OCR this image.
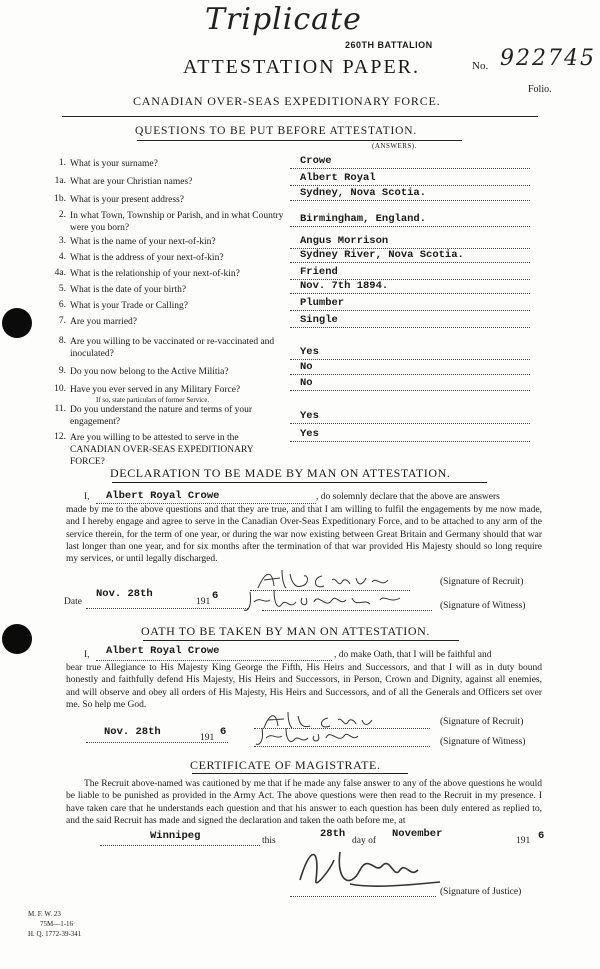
Triplicate
260TH BATTALION
ATTESTATION PAPER.	No. 922745
Folio.
CANADIAN OVER-SEAS EXPEDITIONARY FORCE.
QUESTIONS TO BE PUT BEFORE ATTESTATION.
(ANSWERS).
1. What is your surname?	Crowe
1a. What are your Christian names?	Albert Royal
1b. What is your present address?
Sydney, Nova Scotia.
2. In what Town, Township or Parish, and in what Country were you born?
Birmingham, England.
3. What is the name of your next-of-kin?	Angus Morrison
4. What is the address of your next-of-kin?	Sydney River, Nova Scotia.
4a. What is the relationship of your next-of-kin?	Friend
5. What is the date of your birth?	Nov. 7th 1894.
6. What is your Trade or Calling?	Plumber
7. Are you married?	Single
8. Are you willing to be vaccinated or re-vaccinated and inoculated?	Yes
9. Do you now belong to the Active Militia?	No
10. Have you ever served in any Military Force?
If so, state particulars of former Service.
No
11. Do you understand the nature and terms of your engagement?	Yes
12. Are you willing to be attested to serve in the CANADIAN OVER-SEAS EXPEDITIONARY FORCE?
Yes
DECLARATION TO BE MADE BY MAN ON ATTESTATION.
I, Albert Royal Crowe	, do solemnly declare that the above are answers
made by me to the above questions and that they are true, and that I am willing to fulfil the engagements by me now made, and I hereby engage and agree to serve in the Canadian Over-Seas Expeditionary Force, and to be attached to any arm of the service therein, for the term of one year, or during the war now existing between Great Britain and Germany should that war last longer than one year, and for six months after the termination of that war provided His Majesty should so long require my services, or until legally discharged.
(Signature of Recruit)
Date
Nov. 28th
191 6
(Signature of Witness)
OATH TO BE TAKEN BY MAN ON ATTESTATION.
I, Albert Royal Crowe	, do make Oath, that I will be faithful and
bear true Allegiance to His Majesty King George the Fifth, His Heirs and Successors, and that I will as in duty bound honestly and faithfully defend His Majesty, His Heirs and Successors, in Person, Crown and Dignity, against all enemies, and will observe and obey all orders of His Majesty, His Heirs and Successors, and of all the Generals and Officers set over me. So help me God.
(Signature of Recruit)
Nov. 28th	191 6
(Signature of Witness)
CERTIFICATE OF MAGISTRATE.
The Recruit above-named was cautioned by me that if he made any false answer to any of the above questions he would be liable to be punished as provided in the Army Act. The above questions were then read to the Recruit in my presence. I have taken care that he understands each question and that his answer to each question has been duly entered as replied to, and the said Recruit has made and signed the declaration and taken the oath before me, at
Winnipeg	this
28th
day of
November
191 6
(Signature of Justice)
M. F. W. 23
75M—1-16
H. Q. 1772-39-341
